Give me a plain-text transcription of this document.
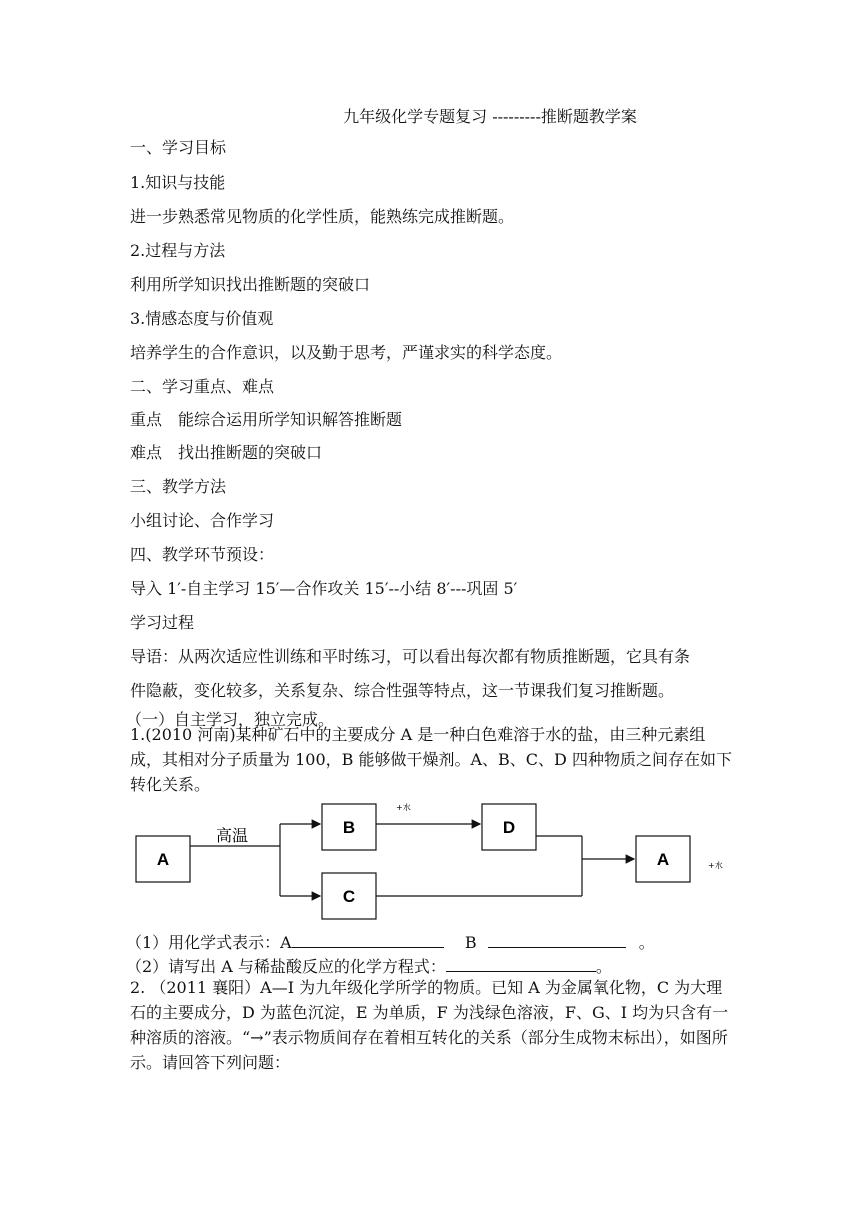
九年级化学专题复习 ---------推断题教学案
一、学习目标
1.知识与技能
进一步熟悉常见物质的化学性质，能熟练完成推断题。
2.过程与方法
利用所学知识找出推断题的突破口
3.情感态度与价值观
培养学生的合作意识，以及勤于思考，严谨求实的科学态度。
二、学习重点、难点
重点　能综合运用所学知识解答推断题
难点　找出推断题的突破口
三、教学方法
小组讨论、合作学习
四、教学环节预设：
导入 1′-自主学习 15′—合作攻关 15′--小结 8′---巩固 5′
学习过程
导语：从两次适应性训练和平时练习，可以看出每次都有物质推断题，它具有条
件隐蔽，变化较多，关系复杂、综合性强等特点，这一节课我们复习推断题。
（一）自主学习，独立完成。
1.(2010 河南)某种矿石中的主要成分 A 是一种白色难溶于水的盐，由三种元素组成，其相对分子质量为 100，B 能够做干燥剂。A、B、C、D 四种物质之间存在如下转化关系。
A
B
C
D
A
高温
+水
+水
（1）用化学式表示：A	B	。
（2）请写出 A 与稀盐酸反应的化学方程式：	。
2. （2011 襄阳）A—I 为九年级化学所学的物质。已知 A 为金属氧化物，C 为大理石的主要成分，D 为蓝色沉淀，E 为单质，F 为浅绿色溶液，F、G、I 均为只含有一种溶质的溶液。“→”表示物质间存在着相互转化的关系（部分生成物末标出），如图所示。请回答下列问题：
